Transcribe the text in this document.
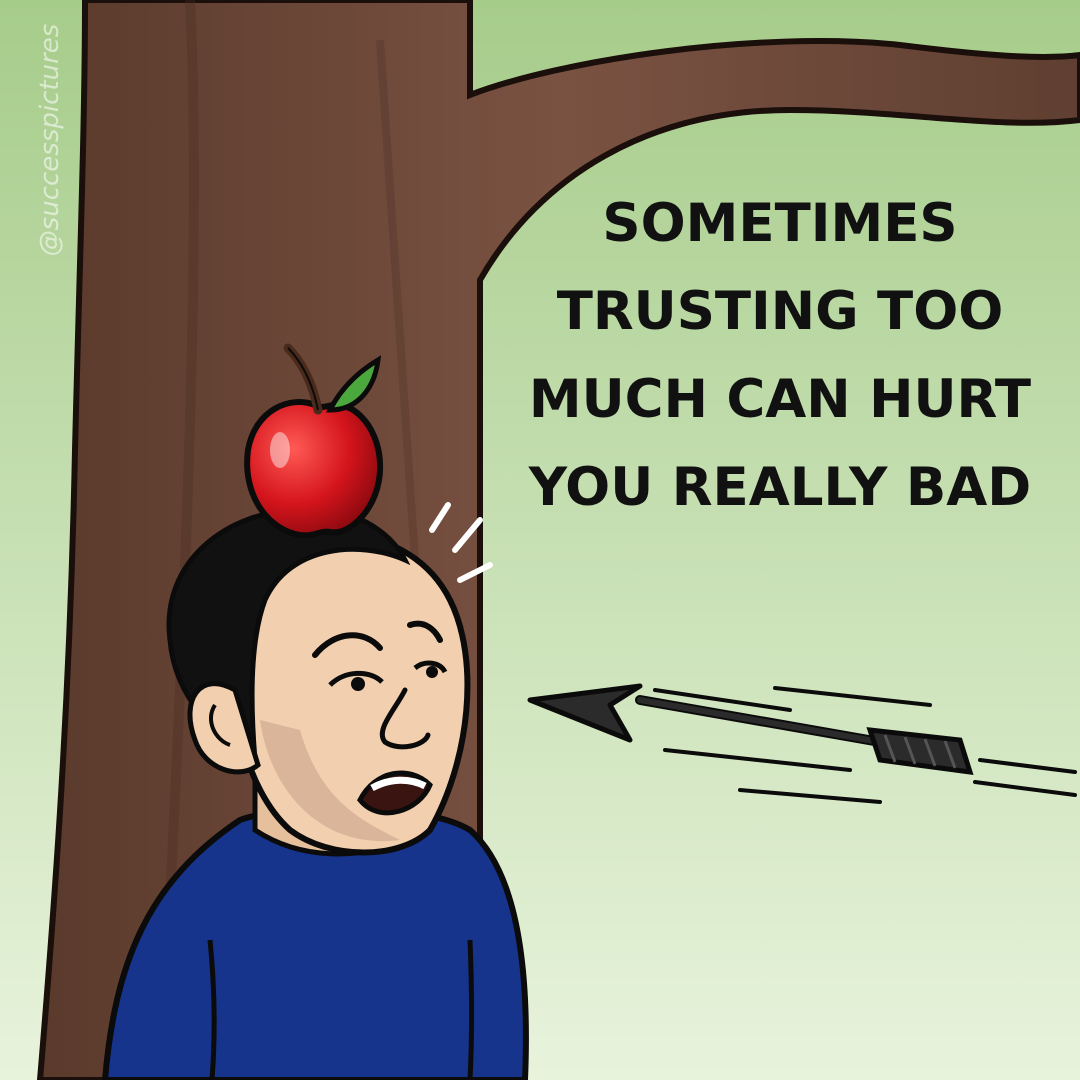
@successpictures	SOMETIMES
TRUSTING TOO
MUCH CAN HURT
YOU REALLY BAD
